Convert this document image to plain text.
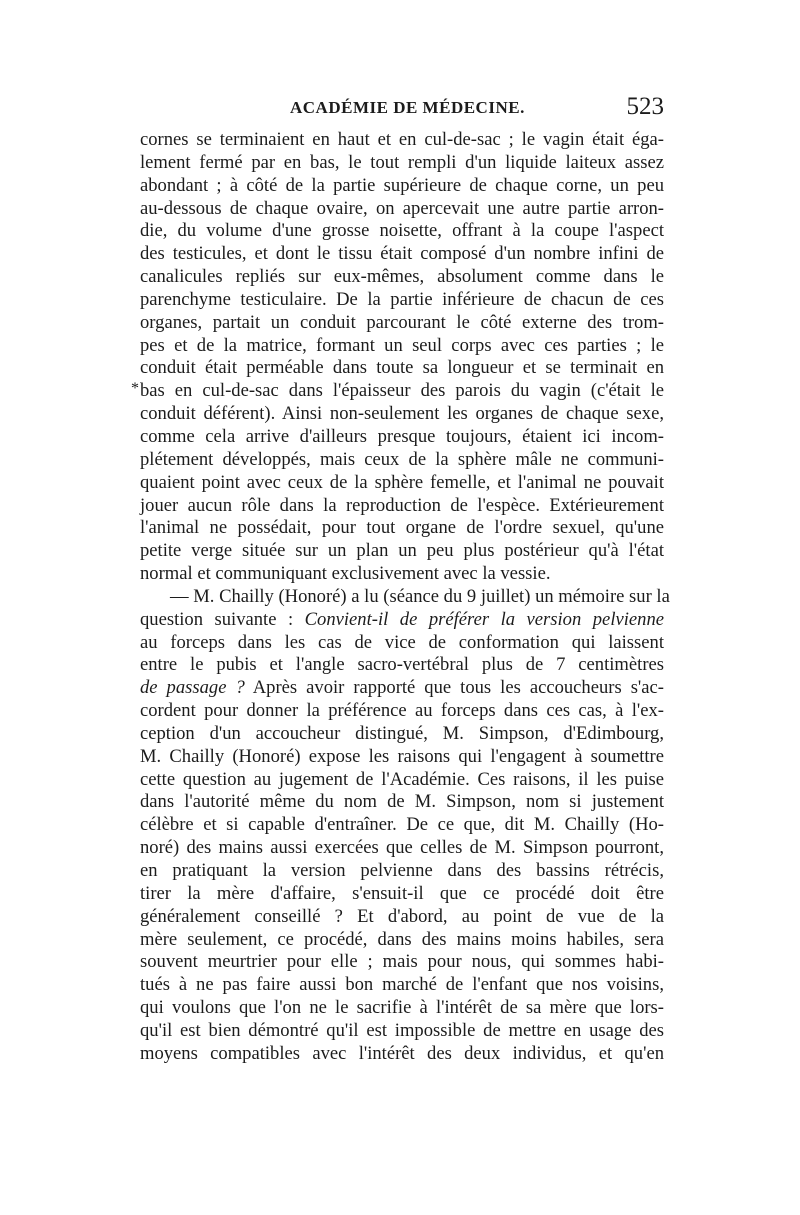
ACADÉMIE DE MÉDECINE.	523
*
cornes se terminaient en haut et en cul-de-sac ; le vagin était éga-
lement fermé par en bas, le tout rempli d'un liquide laiteux assez
abondant ; à côté de la partie supérieure de chaque corne, un peu
au-dessous de chaque ovaire, on apercevait une autre partie arron-
die, du volume d'une grosse noisette, offrant à la coupe l'aspect
des testicules, et dont le tissu était composé d'un nombre infini de
canalicules repliés sur eux-mêmes, absolument comme dans le
parenchyme testiculaire. De la partie inférieure de chacun de ces
organes, partait un conduit parcourant le côté externe des trom-
pes et de la matrice, formant un seul corps avec ces parties ; le
conduit était perméable dans toute sa longueur et se terminait en
bas en cul-de-sac dans l'épaisseur des parois du vagin (c'était le
conduit déférent). Ainsi non-seulement les organes de chaque sexe,
comme cela arrive d'ailleurs presque toujours, étaient ici incom-
plétement développés, mais ceux de la sphère mâle ne communi-
quaient point avec ceux de la sphère femelle, et l'animal ne pouvait
jouer aucun rôle dans la reproduction de l'espèce. Extérieurement
l'animal ne possédait, pour tout organe de l'ordre sexuel, qu'une
petite verge située sur un plan un peu plus postérieur qu'à l'état
normal et communiquant exclusivement avec la vessie.
— M. Chailly (Honoré) a lu (séance du 9 juillet) un mémoire sur la
question suivante : Convient-il de préférer la version pelvienne
au forceps dans les cas de vice de conformation qui laissent
entre le pubis et l'angle sacro-vertébral plus de 7 centimètres
de passage ? Après avoir rapporté que tous les accoucheurs s'ac-
cordent pour donner la préférence au forceps dans ces cas, à l'ex-
ception d'un accoucheur distingué, M. Simpson, d'Edimbourg,
M. Chailly (Honoré) expose les raisons qui l'engagent à soumettre
cette question au jugement de l'Académie. Ces raisons, il les puise
dans l'autorité même du nom de M. Simpson, nom si justement
célèbre et si capable d'entraîner. De ce que, dit M. Chailly (Ho-
noré) des mains aussi exercées que celles de M. Simpson pourront,
en pratiquant la version pelvienne dans des bassins rétrécis,
tirer la mère d'affaire, s'ensuit-il que ce procédé doit être
généralement conseillé ? Et d'abord, au point de vue de la
mère seulement, ce procédé, dans des mains moins habiles, sera
souvent meurtrier pour elle ; mais pour nous, qui sommes habi-
tués à ne pas faire aussi bon marché de l'enfant que nos voisins,
qui voulons que l'on ne le sacrifie à l'intérêt de sa mère que lors-
qu'il est bien démontré qu'il est impossible de mettre en usage des
moyens compatibles avec l'intérêt des deux individus, et qu'en
